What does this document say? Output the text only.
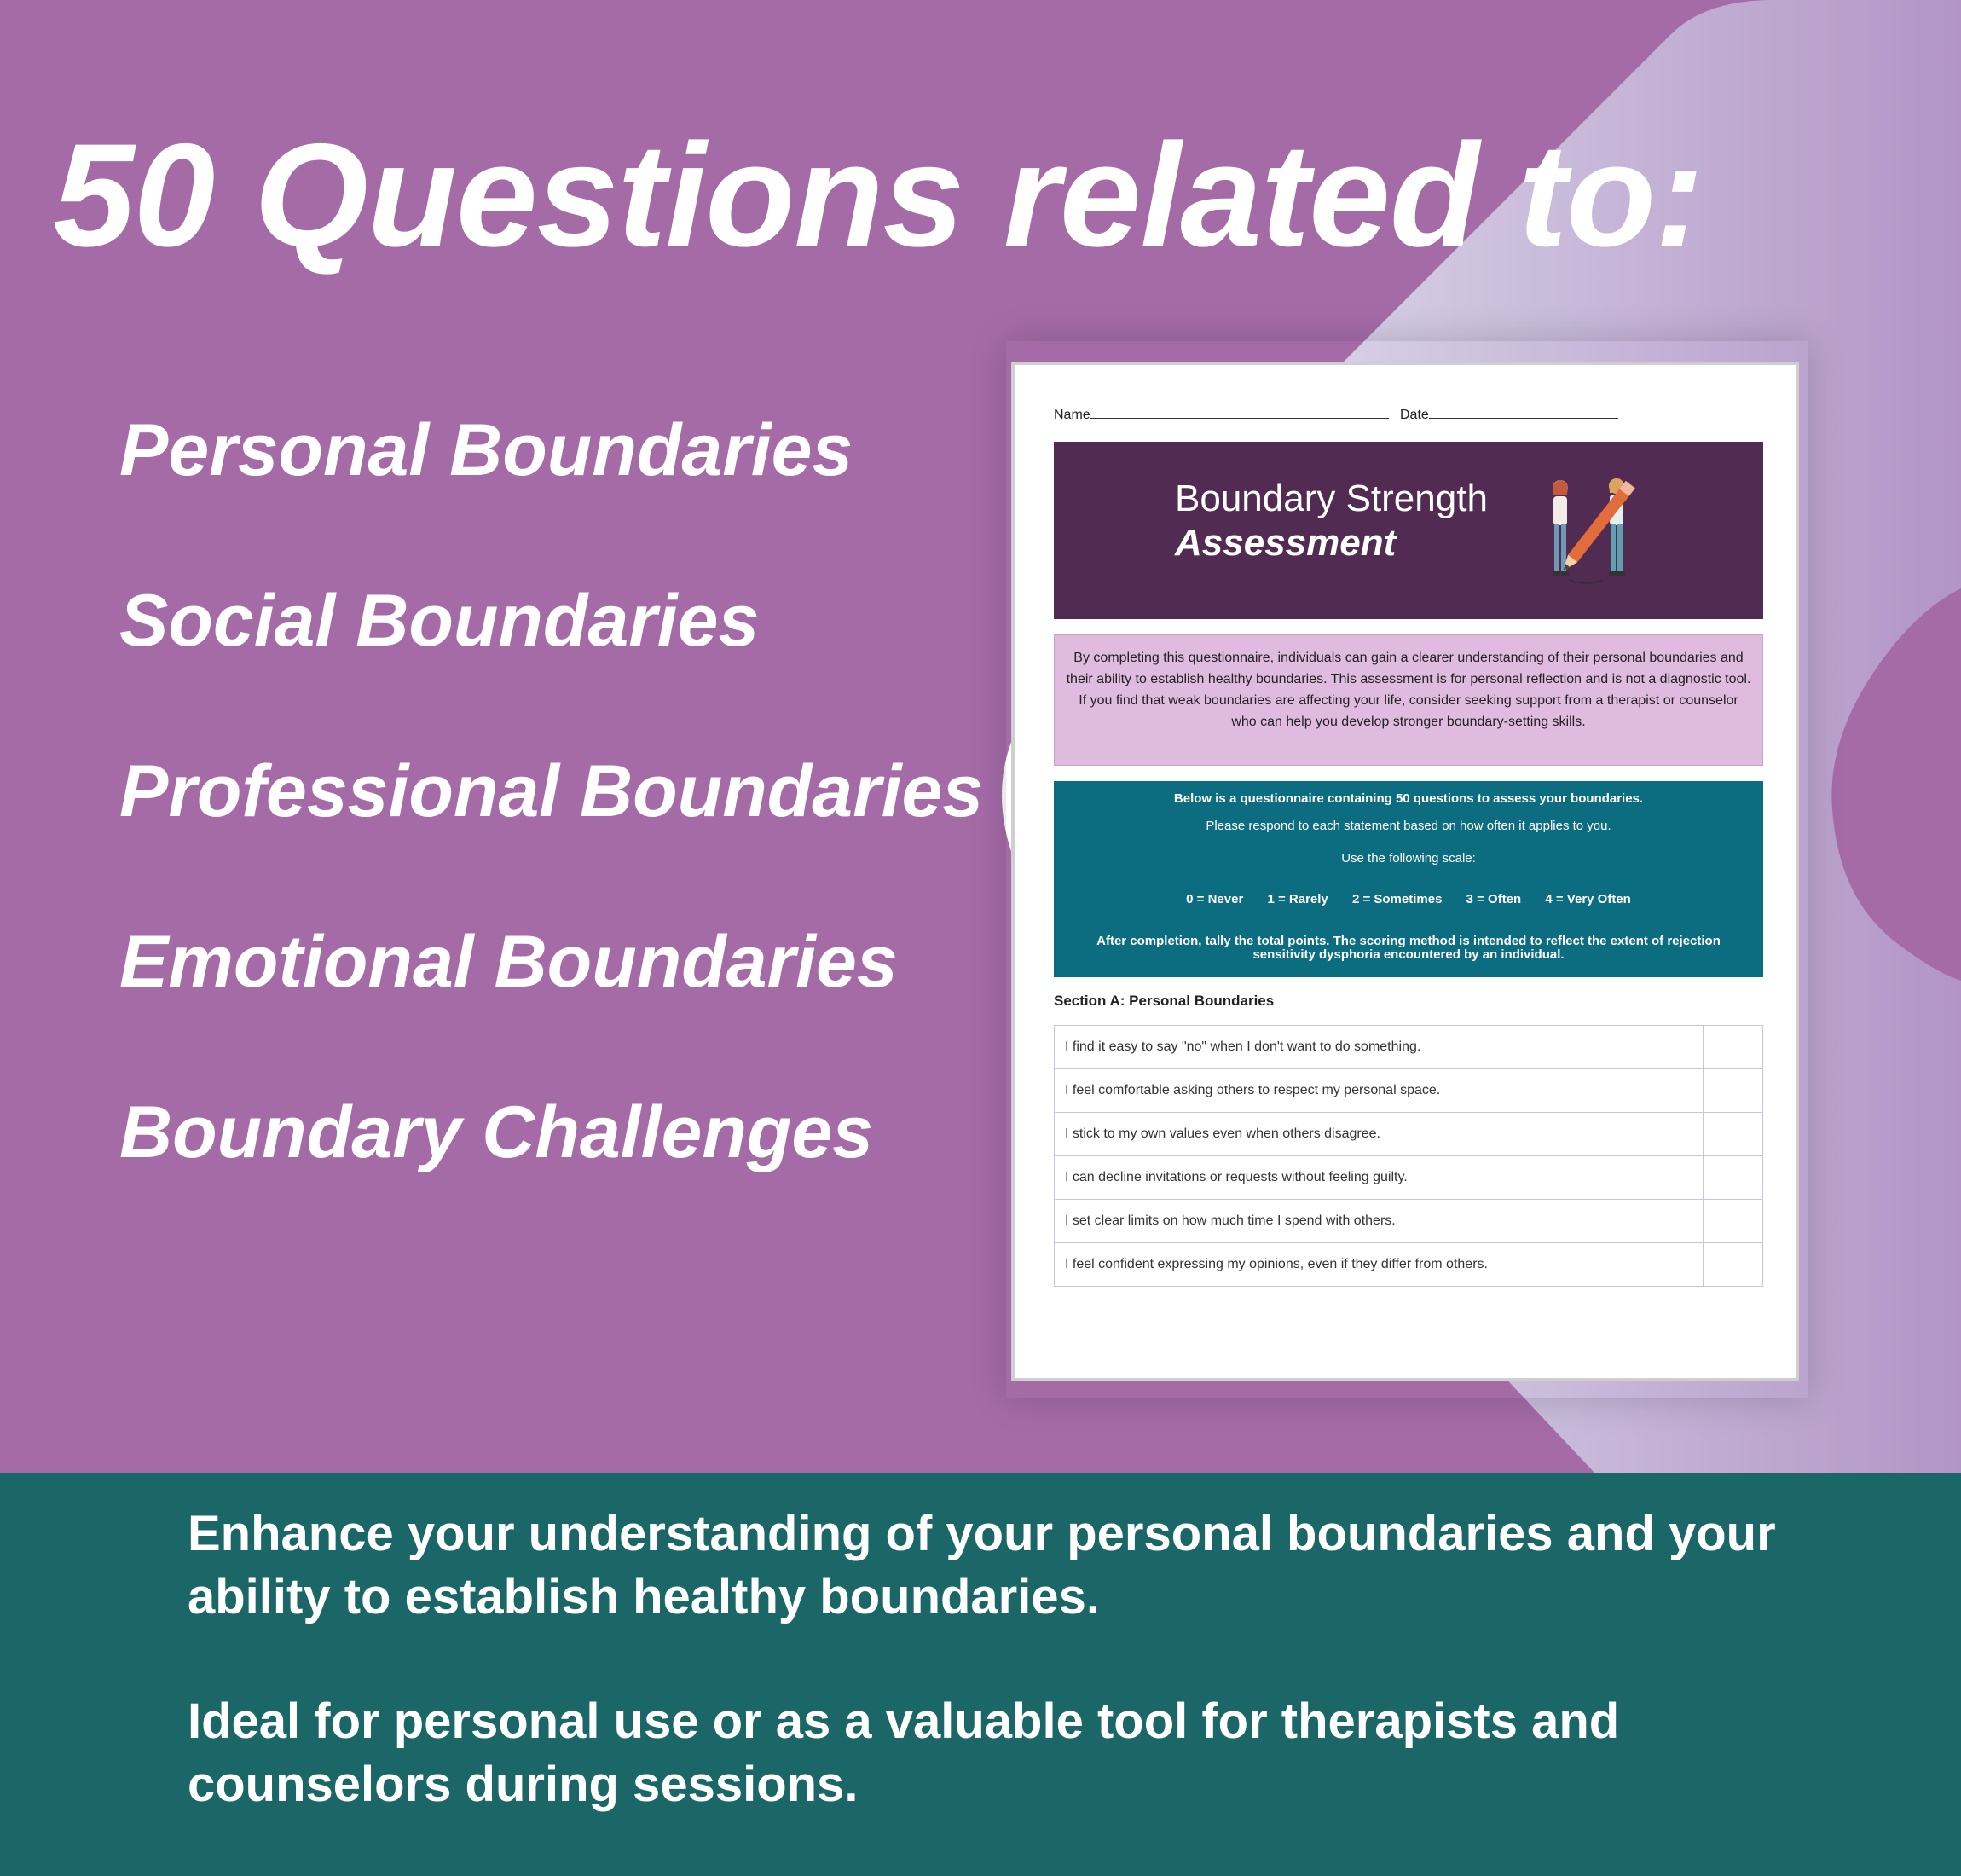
50 Questions related to:
Personal Boundaries
Social Boundaries
Professional Boundaries
Emotional Boundaries
Boundary Challenges
Name	Date
Boundary Strength
Assessment
By completing this questionnaire, individuals can gain a clearer understanding of their personal boundaries and their ability to establish healthy boundaries. This assessment is for personal reflection and is not a diagnostic tool. If you find that weak boundaries are affecting your life, consider seeking support from a therapist or counselor who can help you develop stronger boundary-setting skills.
Below is a questionnaire containing 50 questions to assess your boundaries.
Please respond to each statement based on how often it applies to you.
Use the following scale:
0 = Never 1 = Rarely 2 = Sometimes 3 = Often 4 = Very Often
After completion, tally the total points. The scoring method is intended to reflect the extent of rejection sensitivity dysphoria encountered by an individual.
Section A: Personal Boundaries
I find it easy to say "no" when I don't want to do something.	
I feel comfortable asking others to respect my personal space.	
I stick to my own values even when others disagree.	
I can decline invitations or requests without feeling guilty.	
I set clear limits on how much time I spend with others.	
I feel confident expressing my opinions, even if they differ from others.	
Enhance your understanding of your personal boundaries and your ability to establish healthy boundaries.
Ideal for personal use or as a valuable tool for therapists and counselors during sessions.
